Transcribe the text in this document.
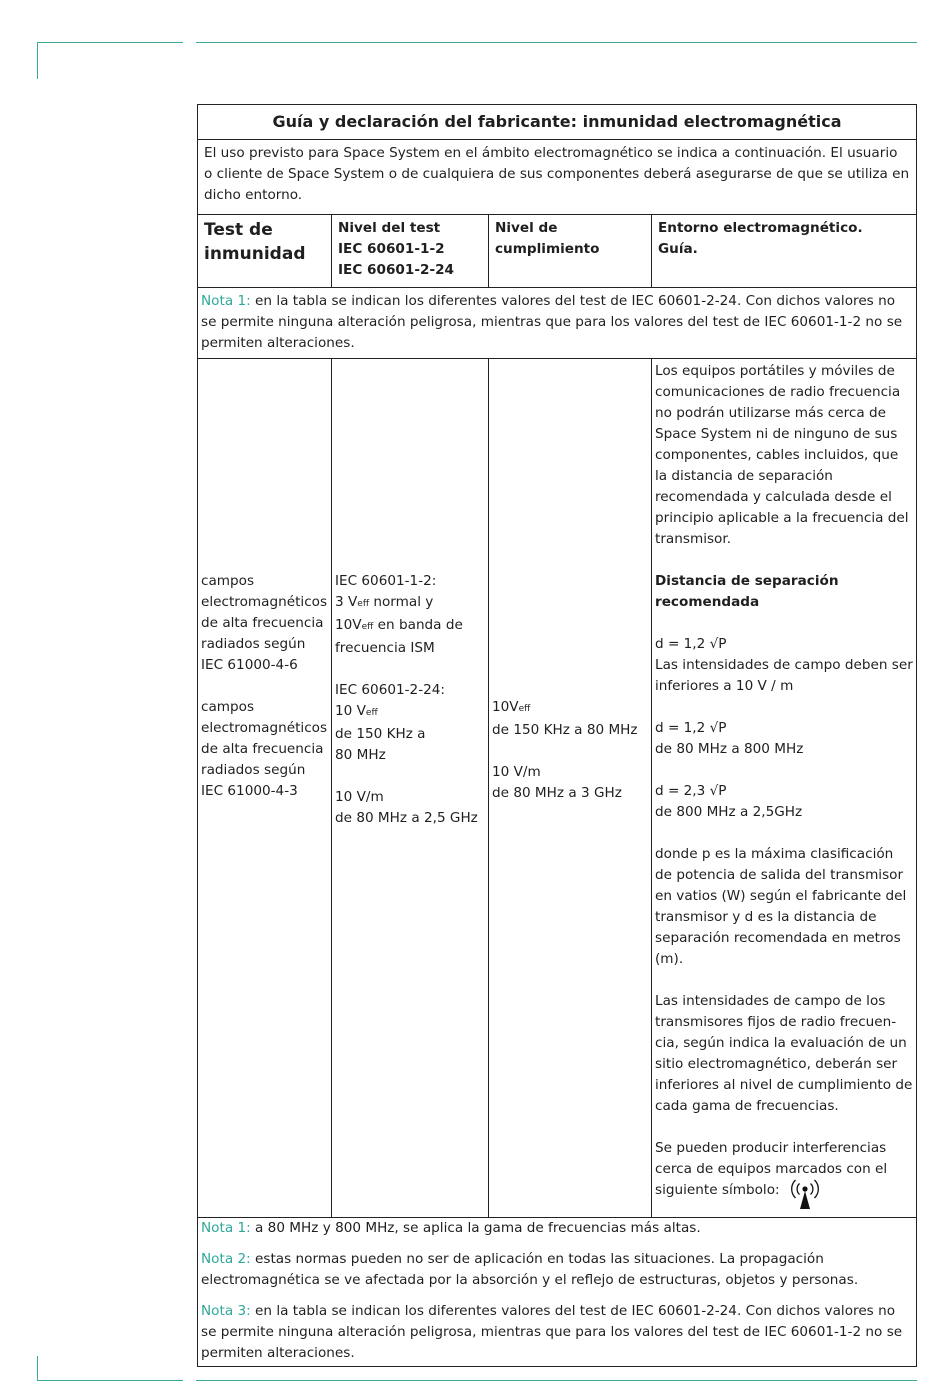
Guía y declaración del fabricante: inmunidad electromagnética
El uso previsto para Space System en el ámbito electromagnético se indica a continuación. El usuario o cliente de Space System o de cualquiera de sus componentes deberá asegurarse de que se utiliza en dicho entorno.
Test de inmunidad
Nivel del test
IEC 60601-1-2
IEC 60601-2-24
Nivel de cumplimiento
Entorno electromagnético.
Guía.
Nota 1: en la tabla se indican los diferentes valores del test de IEC 60601-2-24. Con dichos valores no se permite ninguna alteración peligrosa, mientras que para los valores del test de IEC 60601-1-2 no se permiten alteraciones.
campos
electromagnéticos
de alta frecuencia
radiados según
IEC 61000-4-6
campos
electromagnéticos
de alta frecuencia
radiados según
IEC 61000-4-3
IEC 60601-1-2:
3 Veff normal y
10Veff en banda de
frecuencia ISM
IEC 60601-2-24:
10 Veff
de 150 KHz a
80 MHz
10 V/m
de 80 MHz a 2,5 GHz
10Veff
de 150 KHz a 80 MHz
10 V/m
de 80 MHz a 3 GHz
Los equipos portátiles y móviles de comunicaciones de radio frecuencia no podrán utilizarse más cerca de Space System ni de ninguno de sus componentes, cables incluidos, que la distancia de separación recomendada y calculada desde el principio aplicable a la frecuencia del transmisor.
Distancia de separación recomendada
d = 1,2 √P
Las intensidades de campo deben ser inferiores a 10 V / m
d = 1,2 √P
de 80 MHz a 800 MHz
d = 2,3 √P
de 800 MHz a 2,5GHz
donde p es la máxima clasificación de potencia de salida del transmisor en vatios (W) según el fabricante del transmisor y d es la distancia de separación recomendada en metros (m).
Las intensidades de campo de los transmisores fijos de radio frecuen-cia, según indica la evaluación de un sitio electromagnético, deberán ser inferiores al nivel de cumplimiento de cada gama de frecuencias.
Se pueden producir interferencias cerca de equipos marcados con el siguiente símbolo:

Nota 1: a 80 MHz y 800 MHz, se aplica la gama de frecuencias más altas.

Nota 2: estas normas pueden no ser de aplicación en todas las situaciones. La propagación electromagnética se ve afectada por la absorción y el reflejo de estructuras, objetos y personas.

Nota 3: en la tabla se indican los diferentes valores del test de IEC 60601-2-24. Con dichos valores no se permite ninguna alteración peligrosa, mientras que para los valores del test de IEC 60601-1-2 no se permiten alteraciones.
